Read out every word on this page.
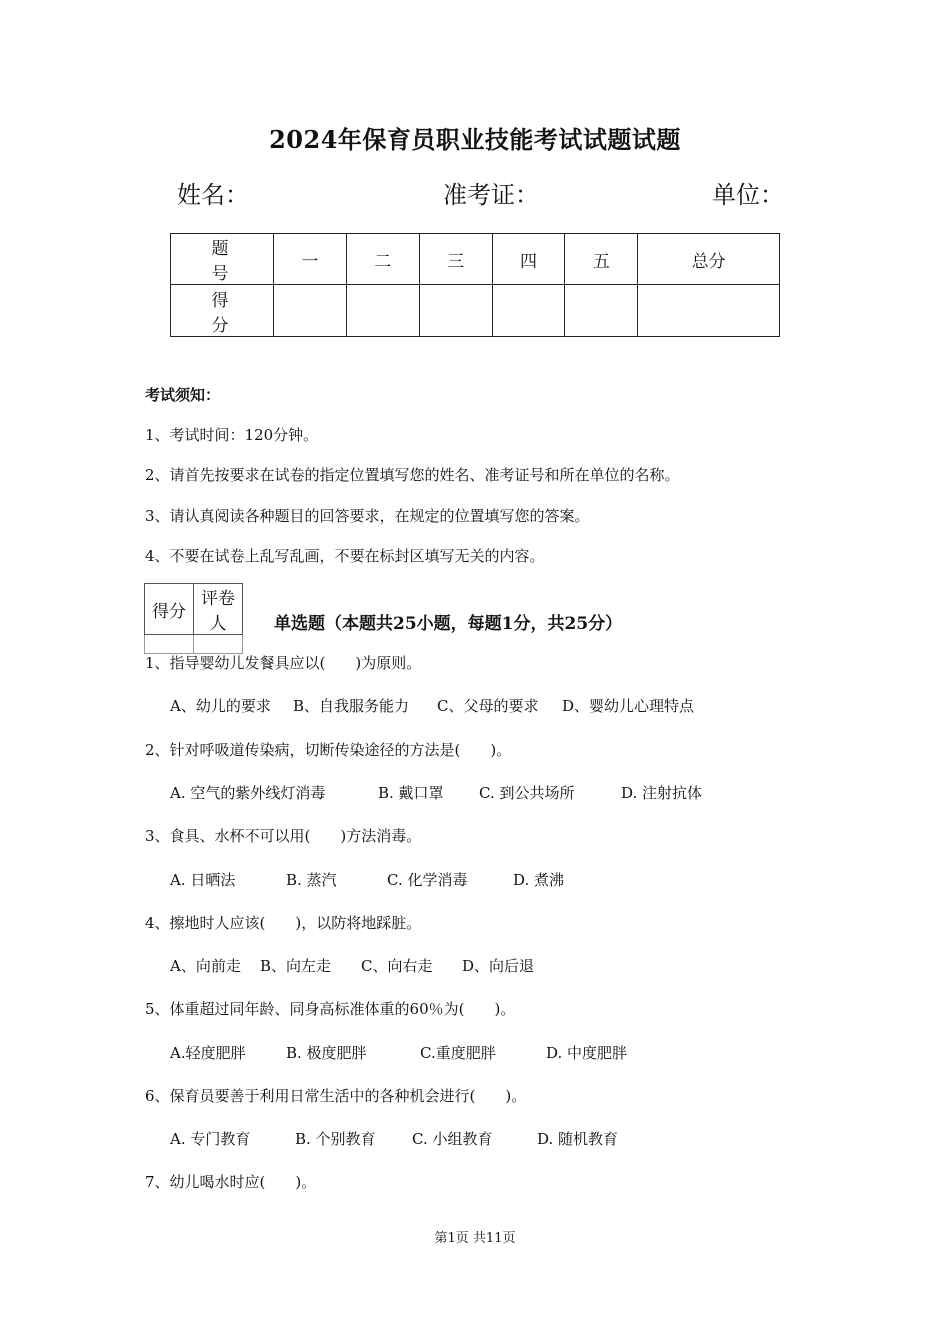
2024年保育员职业技能考试试题试题
姓名：	准考证：	单位：
题　号	一	二	三	四	五	总分
得　分						
考试须知：
1、考试时间：120分钟。
2、请首先按要求在试卷的指定位置填写您的姓名、准考证号和所在单位的名称。
3、请认真阅读各种题目的回答要求，在规定的位置填写您的答案。
4、不要在试卷上乱写乱画，不要在标封区填写无关的内容。
得分	评卷人
		单选题（本题共25小题，每题1分，共25分）
1、指导婴幼儿发餐具应以(　　)为原则。
A、幼儿的要求 B、自我服务能力 C、父母的要求 D、婴幼儿心理特点
2、针对呼吸道传染病，切断传染途径的方法是(　　)。
A. 空气的紫外线灯消毒	B. 戴口罩 C. 到公共场所	D. 注射抗体
3、食具、水杯不可以用(　　)方法消毒。
A. 日晒法	B. 蒸汽	C. 化学消毒	D. 煮沸
4、擦地时人应该(　　)，以防将地踩脏。
A、向前走 B、向左走 C、向右走 D、向后退
5、体重超过同年龄、同身高标准体重的60％为(　　)。
A.轻度肥胖	B. 极度肥胖	C.重度肥胖	D. 中度肥胖
6、保育员要善于利用日常生活中的各种机会进行(　　)。
A. 专门教育	B. 个别教育 C. 小组教育	D. 随机教育
7、幼儿喝水时应(　　)。
第1页 共11页
